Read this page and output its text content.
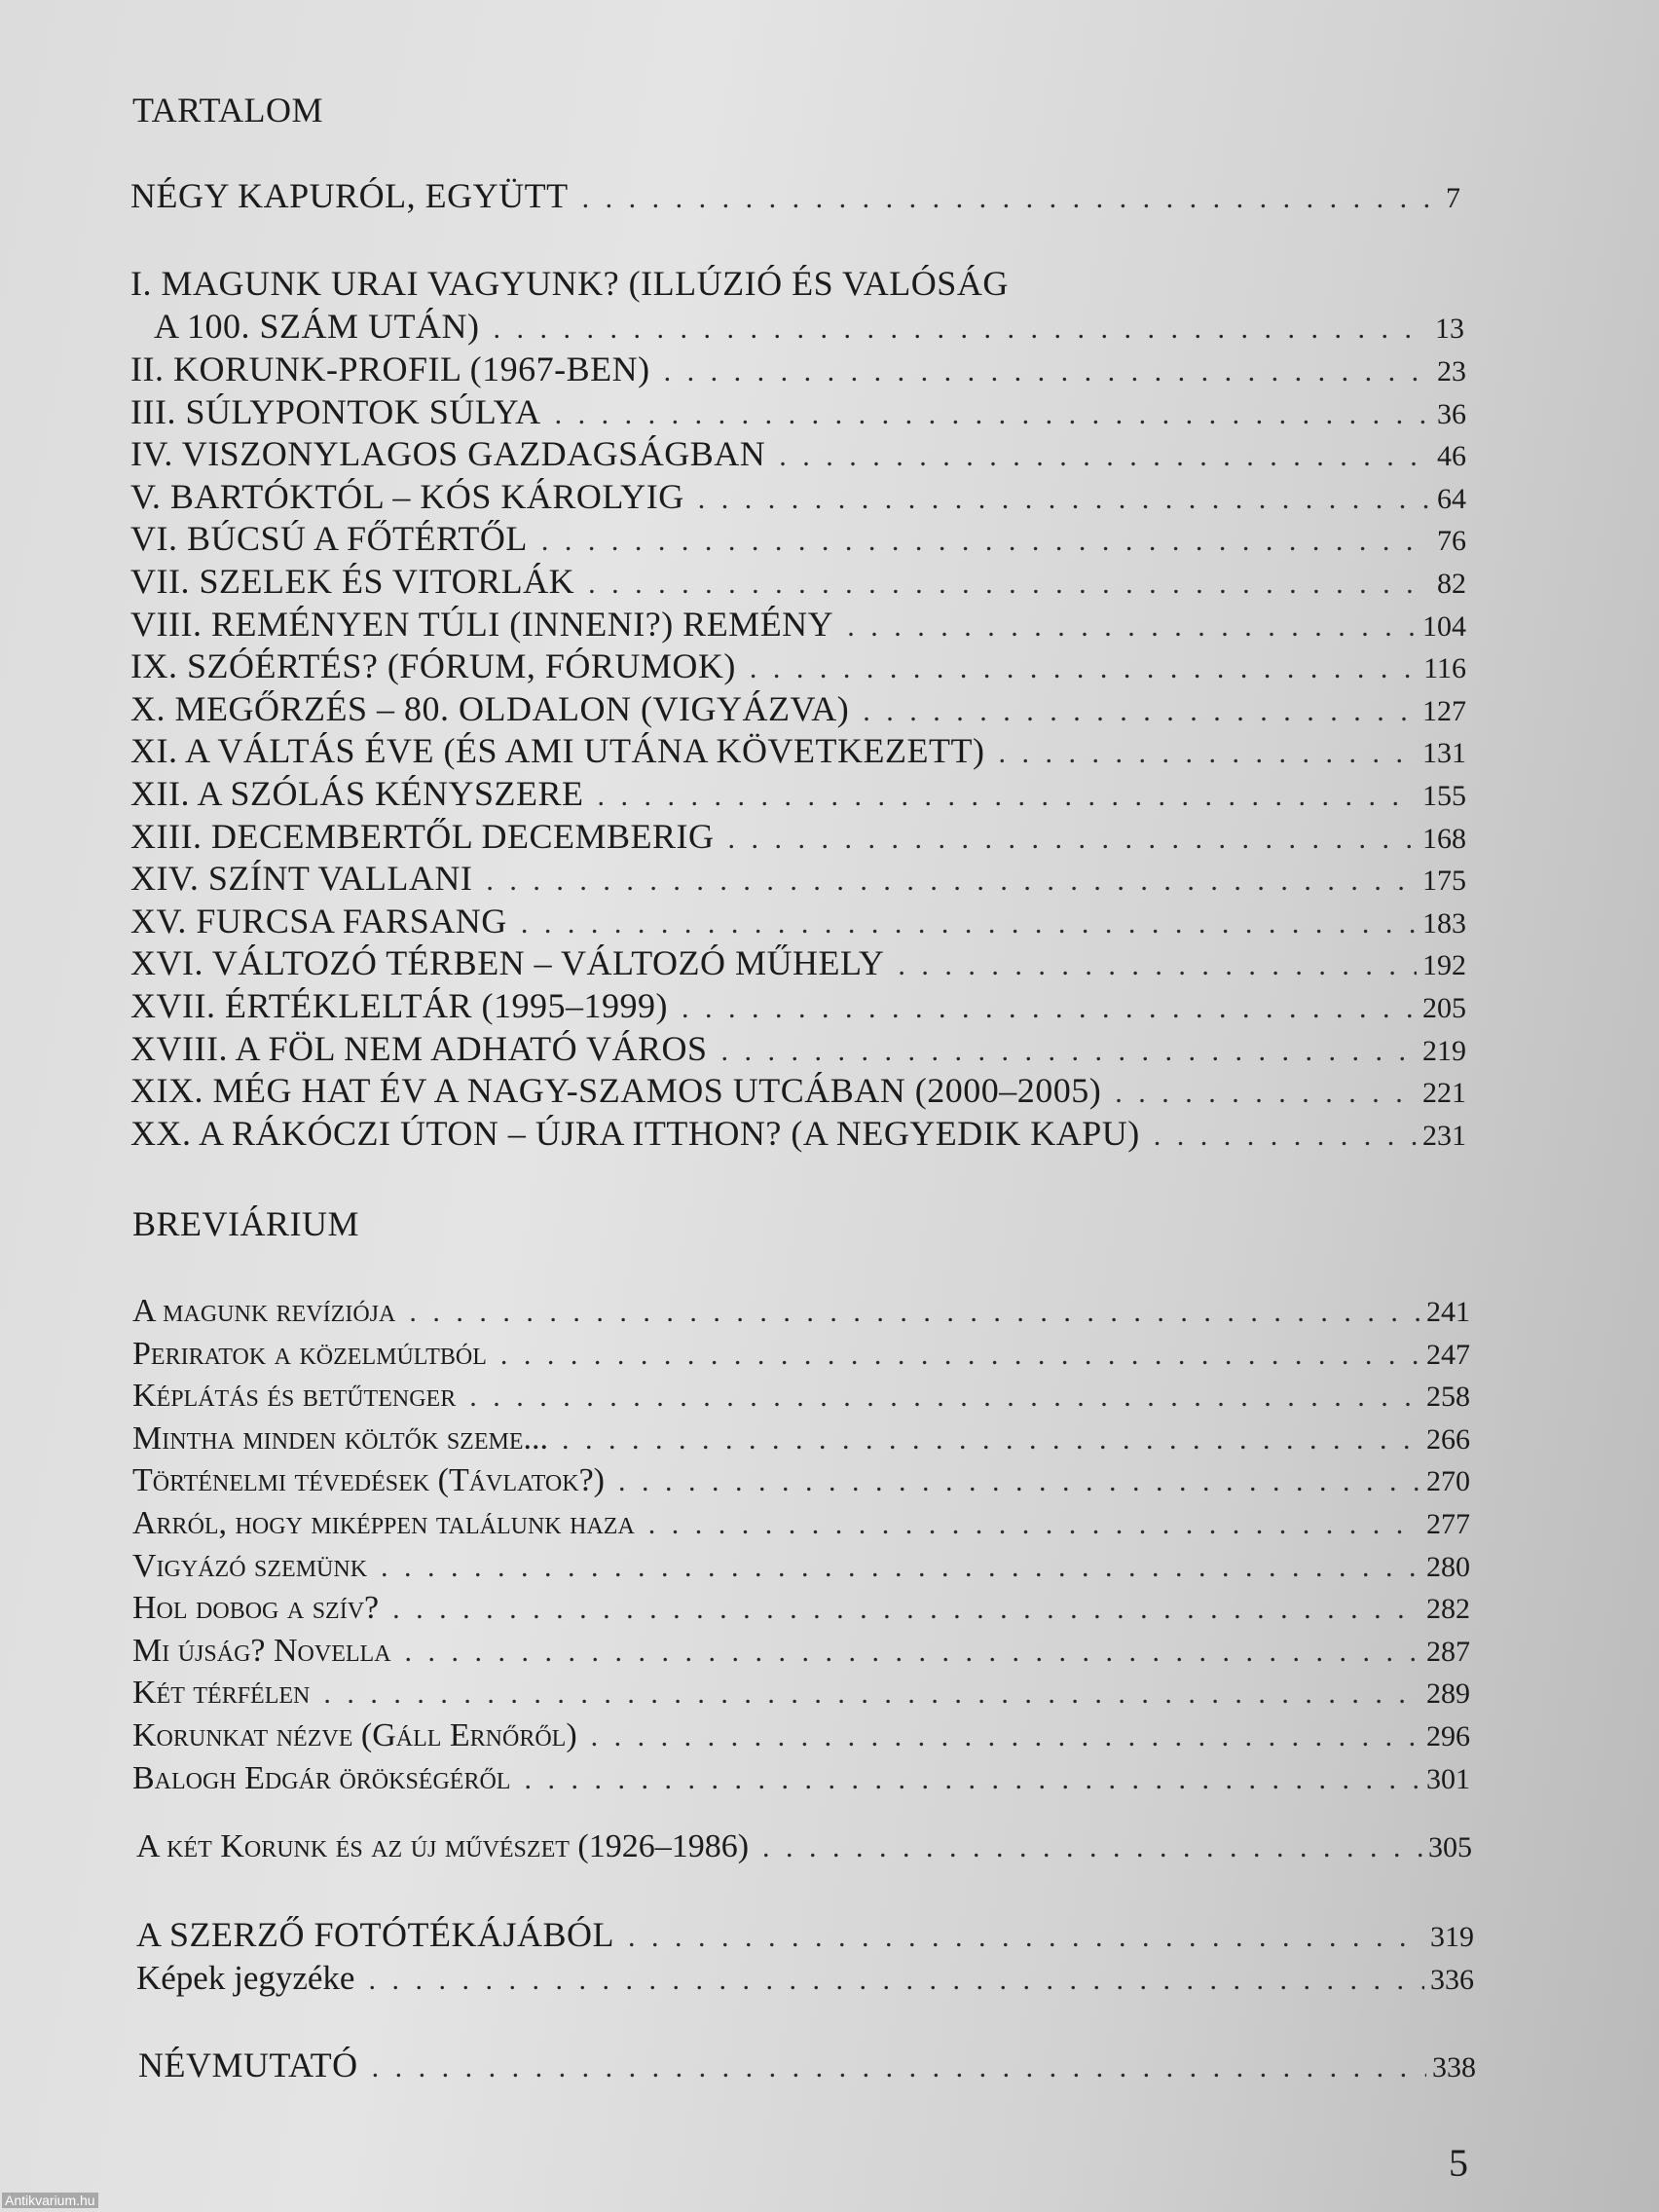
TARTALOM
NÉGY KAPURÓL, EGYÜTT . . .	7
I. MAGUNK URAI VAGYUNK? (ILLÚZIÓ ÉS VALÓSÁG
A 100. SZÁM UTÁN) . . .	13
II. KORUNK-PROFIL (1967-BEN) . . .	23
III. SÚLYPONTOK SÚLYA . . .	36
IV. VISZONYLAGOS GAZDAGSÁGBAN . . .	46
V. BARTÓKTÓL – KÓS KÁROLYIG . . .	64
VI. BÚCSÚ A FŐTÉRTŐL . . .	76
VII. SZELEK ÉS VITORLÁK . . .	82
VIII. REMÉNYEN TÚLI (INNENI?) REMÉNY . . .	104
IX. SZÓÉRTÉS? (FÓRUM, FÓRUMOK) . . .	116
X. MEGŐRZÉS – 80. OLDALON (VIGYÁZVA) . . .	127
XI. A VÁLTÁS ÉVE (ÉS AMI UTÁNA KÖVETKEZETT) . . .	131
XII. A SZÓLÁS KÉNYSZERE . . .	155
XIII. DECEMBERTŐL DECEMBERIG . . .	168
XIV. SZÍNT VALLANI . . .	175
XV. FURCSA FARSANG . . .	183
XVI. VÁLTOZÓ TÉRBEN – VÁLTOZÓ MŰHELY . . .	192
XVII. ÉRTÉKLELTÁR (1995–1999) . . .	205
XVIII. A FÖL NEM ADHATÓ VÁROS . . .	219
XIX. MÉG HAT ÉV A NAGY-SZAMOS UTCÁBAN (2000–2005) . . .	221
XX. A RÁKÓCZI ÚTON – ÚJRA ITTHON? (A NEGYEDIK KAPU) . . .	231
BREVIÁRIUM
A magunk revíziója . . .	241
Periratok a közelmúltból . . .	247
Képlátás és betűtenger . . .	258
Mintha minden költők szeme... . . .	266
Történelmi tévedések (Távlatok?) . . .	270
Arról, hogy miképpen találunk haza . . .	277
Vigyázó szemünk . . .	280
Hol dobog a szív? . . .	282
Mi újság? Novella . . .	287
Két térfélen . . .	289
Korunkat nézve (Gáll Ernőről) . . .	296
Balogh Edgár örökségéről . . .	301
A két Korunk és az új művészet (1926–1986) . . .	305
A SZERZŐ FOTÓTÉKÁJÁBÓL . . .	319
Képek jegyzéke . . .	336
NÉVMUTATÓ . . .	338
5
Antikvarium.hu
